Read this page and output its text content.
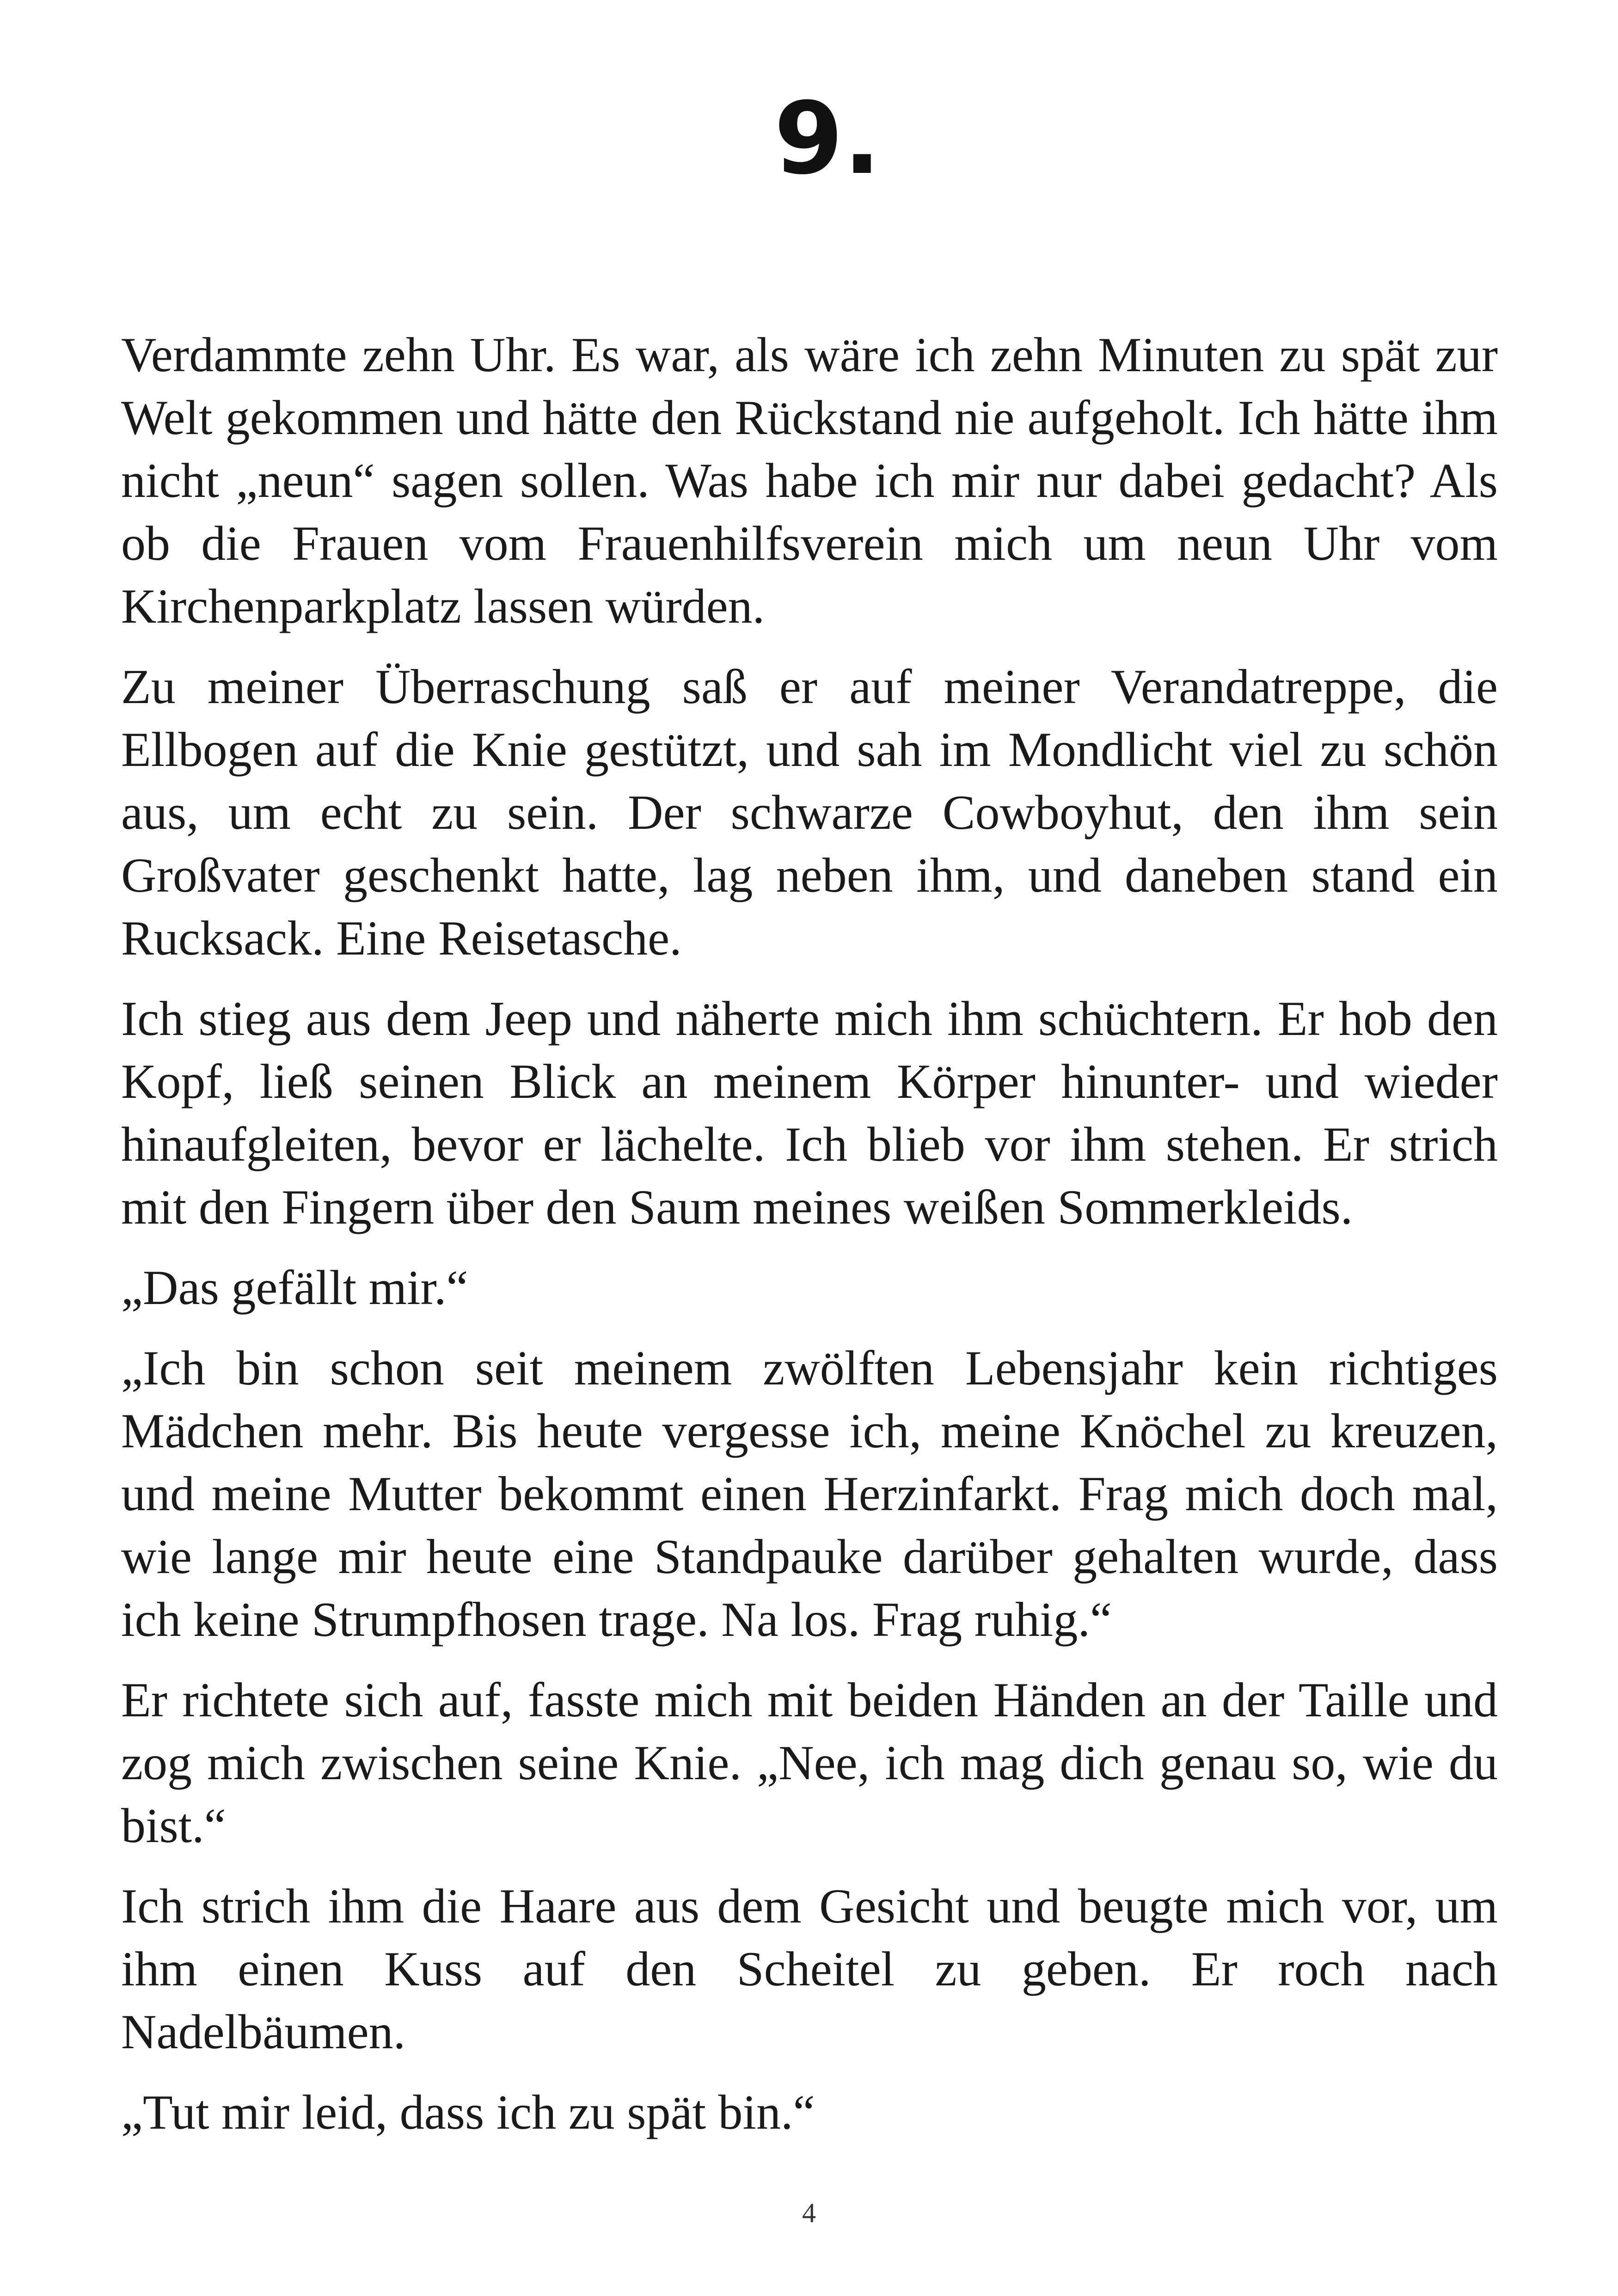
9.

Verdammte zehn Uhr. Es war, als wäre ich zehn Minuten zu spät zur Welt gekommen und hätte den Rückstand nie aufgeholt. Ich hätte ihm nicht „neun“ sagen sollen. Was habe ich mir nur dabei gedacht? Als ob die Frauen vom Frauenhilfsverein mich um neun Uhr vom Kirchenparkplatz lassen würden.

Zu meiner Überraschung saß er auf meiner Verandatreppe, die Ellbogen auf die Knie gestützt, und sah im Mondlicht viel zu schön aus, um echt zu sein. Der schwarze Cowboyhut, den ihm sein Großvater geschenkt hatte, lag neben ihm, und daneben stand ein Rucksack. Eine Reisetasche.

Ich stieg aus dem Jeep und näherte mich ihm schüchtern. Er hob den Kopf, ließ seinen Blick an meinem Körper hinunter- und wieder hinaufgleiten, bevor er lächelte. Ich blieb vor ihm stehen. Er strich mit den Fingern über den Saum meines weißen Sommerkleids.

„Das gefällt mir.“

„Ich bin schon seit meinem zwölften Lebensjahr kein richtiges Mädchen mehr. Bis heute vergesse ich, meine Knöchel zu kreuzen, und meine Mutter bekommt einen Herzinfarkt. Frag mich doch mal, wie lange mir heute eine Standpauke darüber gehalten wurde, dass ich keine Strumpfhosen trage. Na los. Frag ruhig.“

Er richtete sich auf, fasste mich mit beiden Händen an der Taille und zog mich zwischen seine Knie. „Nee, ich mag dich genau so, wie du bist.“

Ich strich ihm die Haare aus dem Gesicht und beugte mich vor, um ihm einen Kuss auf den Scheitel zu geben. Er roch nach Nadelbäumen.

„Tut mir leid, dass ich zu spät bin.“

4
